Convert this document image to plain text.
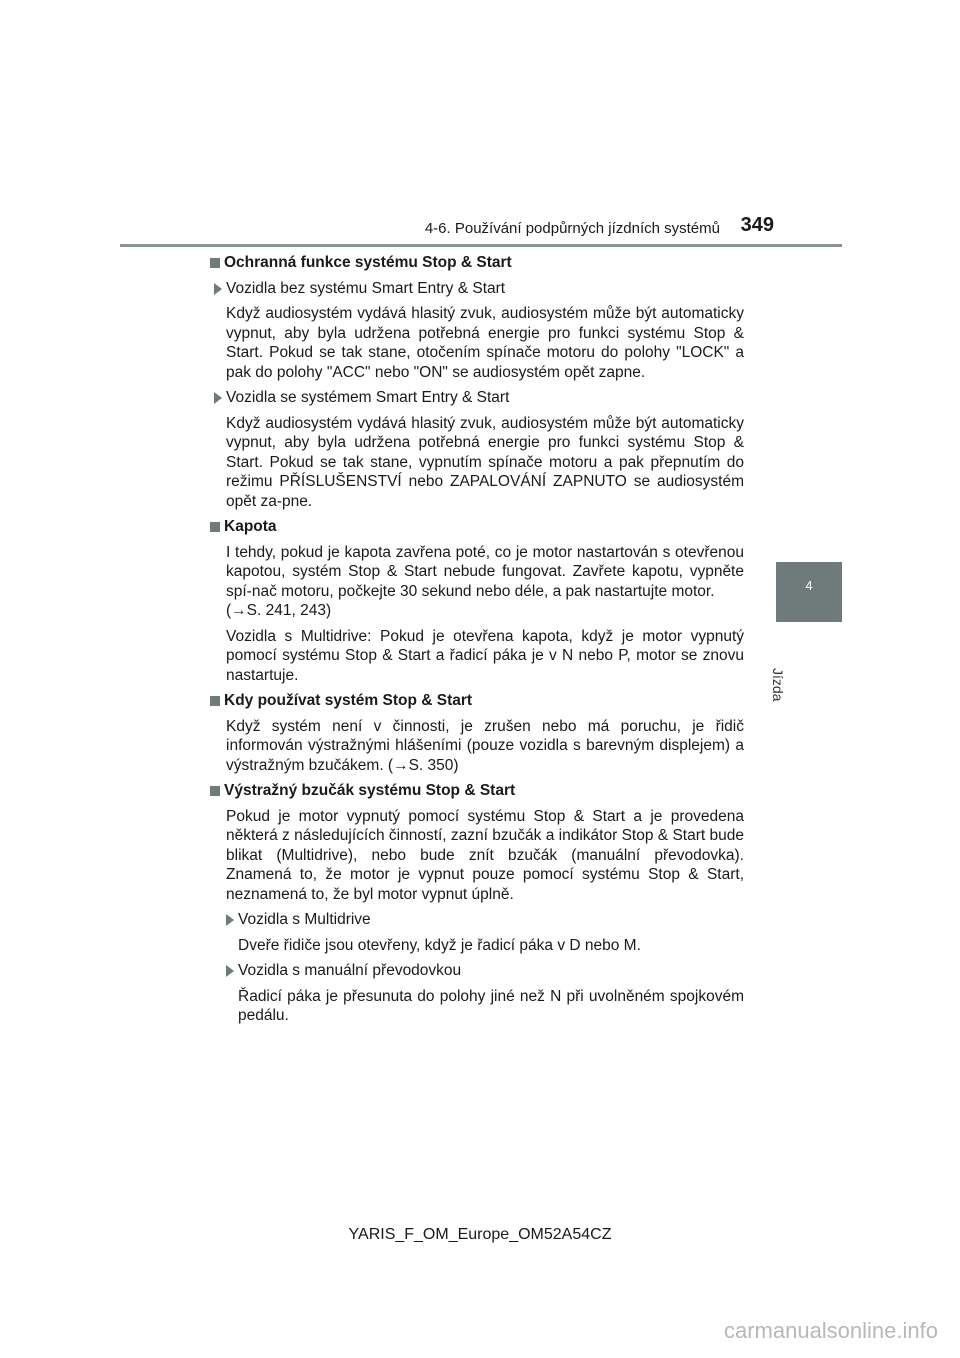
4-6. Používání podpůrných jízdních systémů 349
4
Jízda
Ochranná funkce systému Stop & Start
Vozidla bez systému Smart Entry & Start
Když audiosystém vydává hlasitý zvuk, audiosystém může být automaticky vypnut, aby byla udržena potřebná energie pro funkci systému Stop & Start. Pokud se tak stane, otočením spínače motoru do polohy "LOCK" a pak do polohy "ACC" nebo "ON" se audiosystém opět zapne.
Vozidla se systémem Smart Entry & Start
Když audiosystém vydává hlasitý zvuk, audiosystém může být automaticky vypnut, aby byla udržena potřebná energie pro funkci systému Stop & Start. Pokud se tak stane, vypnutím spínače motoru a pak přepnutím do režimu PŘÍSLUŠENSTVÍ nebo ZAPALOVÁNÍ ZAPNUTO se audiosystém opět za-pne.
Kapota
I tehdy, pokud je kapota zavřena poté, co je motor nastartován s otevřenou kapotou, systém Stop & Start nebude fungovat. Zavřete kapotu, vypněte spí-nač motoru, počkejte 30 sekund nebo déle, a pak nastartujte motor.
(→S. 241, 243)
Vozidla s Multidrive: Pokud je otevřena kapota, když je motor vypnutý pomocí systému Stop & Start a řadicí páka je v N nebo P, motor se znovu nastartuje.
Kdy používat systém Stop & Start
Když systém není v činnosti, je zrušen nebo má poruchu, je řidič informován výstražnými hlášeními (pouze vozidla s barevným displejem) a výstražným bzučákem. (→S. 350)
Výstražný bzučák systému Stop & Start
Pokud je motor vypnutý pomocí systému Stop & Start a je provedena některá z následujících činností, zazní bzučák a indikátor Stop & Start bude blikat (Multidrive), nebo bude znít bzučák (manuální převodovka). Znamená to, že motor je vypnut pouze pomocí systému Stop & Start, neznamená to, že byl motor vypnut úplně.
Vozidla s Multidrive
Dveře řidiče jsou otevřeny, když je řadicí páka v D nebo M.
Vozidla s manuální převodovkou
Řadicí páka je přesunuta do polohy jiné než N při uvolněném spojkovém pedálu.
YARIS_F_OM_Europe_OM52A54CZ
carmanualsonline.info
